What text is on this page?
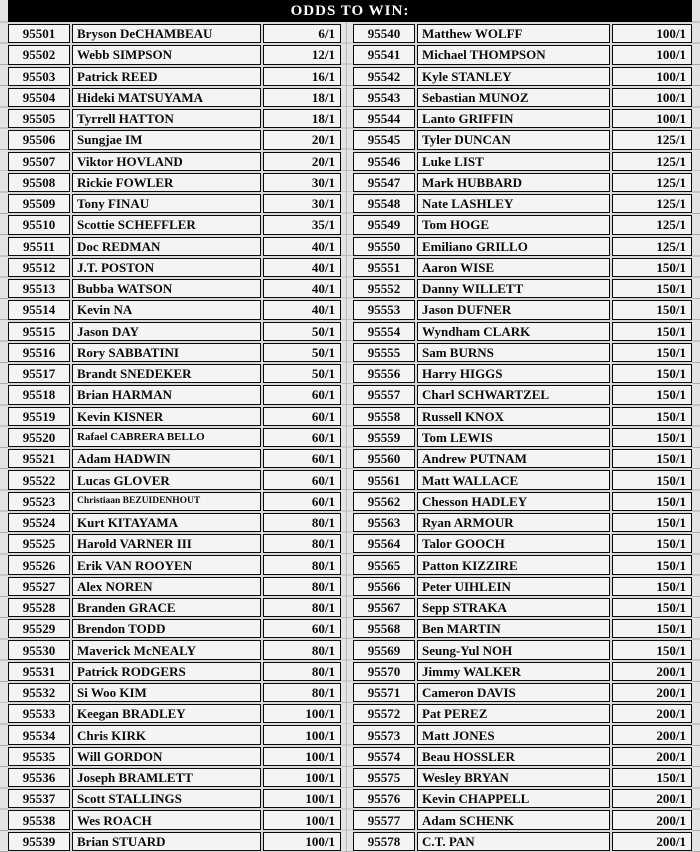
ODDS TO WIN:
95501	Bryson DeCHAMBEAU	6/1
95502	Webb SIMPSON	12/1
95503	Patrick REED	16/1
95504	Hideki MATSUYAMA	18/1
95505	Tyrrell HATTON	18/1
95506	Sungjae IM	20/1
95507	Viktor HOVLAND	20/1
95508	Rickie FOWLER	30/1
95509	Tony FINAU	30/1
95510	Scottie SCHEFFLER	35/1
95511	Doc REDMAN	40/1
95512	J.T. POSTON	40/1
95513	Bubba WATSON	40/1
95514	Kevin NA	40/1
95515	Jason DAY	50/1
95516	Rory SABBATINI	50/1
95517	Brandt SNEDEKER	50/1
95518	Brian HARMAN	60/1
95519	Kevin KISNER	60/1
95520	Rafael CABRERA BELLO	60/1
95521	Adam HADWIN	60/1
95522	Lucas GLOVER	60/1
95523	Christiaan BEZUIDENHOUT	60/1
95524	Kurt KITAYAMA	80/1
95525	Harold VARNER III	80/1
95526	Erik VAN ROOYEN	80/1
95527	Alex NOREN	80/1
95528	Branden GRACE	80/1
95529	Brendon TODD	60/1
95530	Maverick McNEALY	80/1
95531	Patrick RODGERS	80/1
95532	Si Woo KIM	80/1
95533	Keegan BRADLEY	100/1
95534	Chris KIRK	100/1
95535	Will GORDON	100/1
95536	Joseph BRAMLETT	100/1
95537	Scott STALLINGS	100/1
95538	Wes ROACH	100/1
95539	Brian STUARD	100/1
95540	Matthew WOLFF	100/1
95541	Michael THOMPSON	100/1
95542	Kyle STANLEY	100/1
95543	Sebastian MUNOZ	100/1
95544	Lanto GRIFFIN	100/1
95545	Tyler DUNCAN	125/1
95546	Luke LIST	125/1
95547	Mark HUBBARD	125/1
95548	Nate LASHLEY	125/1
95549	Tom HOGE	125/1
95550	Emiliano GRILLO	125/1
95551	Aaron WISE	150/1
95552	Danny WILLETT	150/1
95553	Jason DUFNER	150/1
95554	Wyndham CLARK	150/1
95555	Sam BURNS	150/1
95556	Harry HIGGS	150/1
95557	Charl SCHWARTZEL	150/1
95558	Russell KNOX	150/1
95559	Tom LEWIS	150/1
95560	Andrew PUTNAM	150/1
95561	Matt WALLACE	150/1
95562	Chesson HADLEY	150/1
95563	Ryan ARMOUR	150/1
95564	Talor GOOCH	150/1
95565	Patton KIZZIRE	150/1
95566	Peter UIHLEIN	150/1
95567	Sepp STRAKA	150/1
95568	Ben MARTIN	150/1
95569	Seung-Yul NOH	150/1
95570	Jimmy WALKER	200/1
95571	Cameron DAVIS	200/1
95572	Pat PEREZ	200/1
95573	Matt JONES	200/1
95574	Beau HOSSLER	200/1
95575	Wesley BRYAN	150/1
95576	Kevin CHAPPELL	200/1
95577	Adam SCHENK	200/1
95578	C.T. PAN	200/1
